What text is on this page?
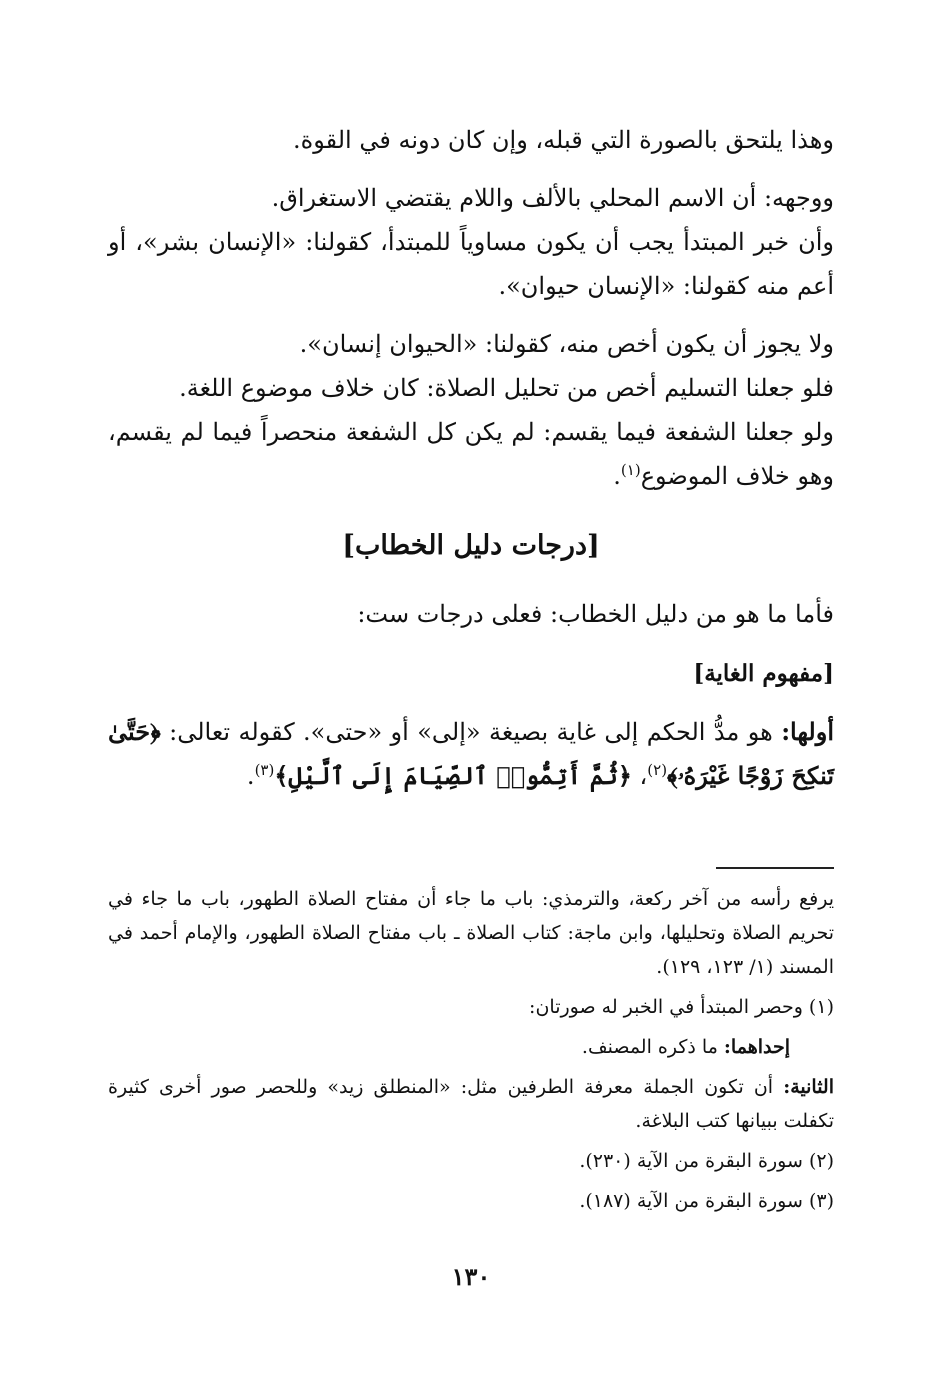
وهذا يلتحق بالصورة التي قبله، وإن كان دونه في القوة.

ووجهه: أن الاسم المحلي بالألف واللام يقتضي الاستغراق.

وأن خبر المبتدأ يجب أن يكون مساوياً للمبتدأ، كقولنا: «الإنسان بشر»، أو أعم منه كقولنا: «الإنسان حيوان».

ولا يجوز أن يكون أخص منه، كقولنا: «الحيوان إنسان».

فلو جعلنا التسليم أخص من تحليل الصلاة: كان خلاف موضوع اللغة.

ولو جعلنا الشفعة فيما يقسم: لم يكن كل الشفعة منحصراً فيما لم يقسم، وهو خلاف الموضوع$^{(١)}$.

[درجات دليل الخطاب]

فأما ما هو من دليل الخطاب: فعلى درجات ست:

[مفهوم الغاية]

أولها: هو مدُّ الحكم إلى غاية بصيغة «إلى» أو «حتى». كقوله تعالى: ﴿حَتَّىٰ تَنكِحَ زَوْجًا غَيْرَهُۥ﴾$^{(٢)}$، ﴿ثُمَّ أَتِمُّوا۟ ٱلصِّيَامَ إِلَى ٱلَّيْلِ﴾$^{(٣)}$.

يرفع رأسه من آخر ركعة، والترمذي: باب ما جاء أن مفتاح الصلاة الطهور، باب ما جاء في تحريم الصلاة وتحليلها، وابن ماجة: كتاب الصلاة ـ باب مفتاح الصلاة الطهور، والإمام أحمد في المسند (١/ ١٢٣، ١٢٩).

(١) وحصر المبتدأ في الخبر له صورتان:

إحداهما: ما ذكره المصنف.

الثانية: أن تكون الجملة معرفة الطرفين مثل: «المنطلق زيد» وللحصر صور أخرى كثيرة تكفلت ببيانها كتب البلاغة.

(٢) سورة البقرة من الآية (٢٣٠).

(٣) سورة البقرة من الآية (١٨٧).

١٣٠
